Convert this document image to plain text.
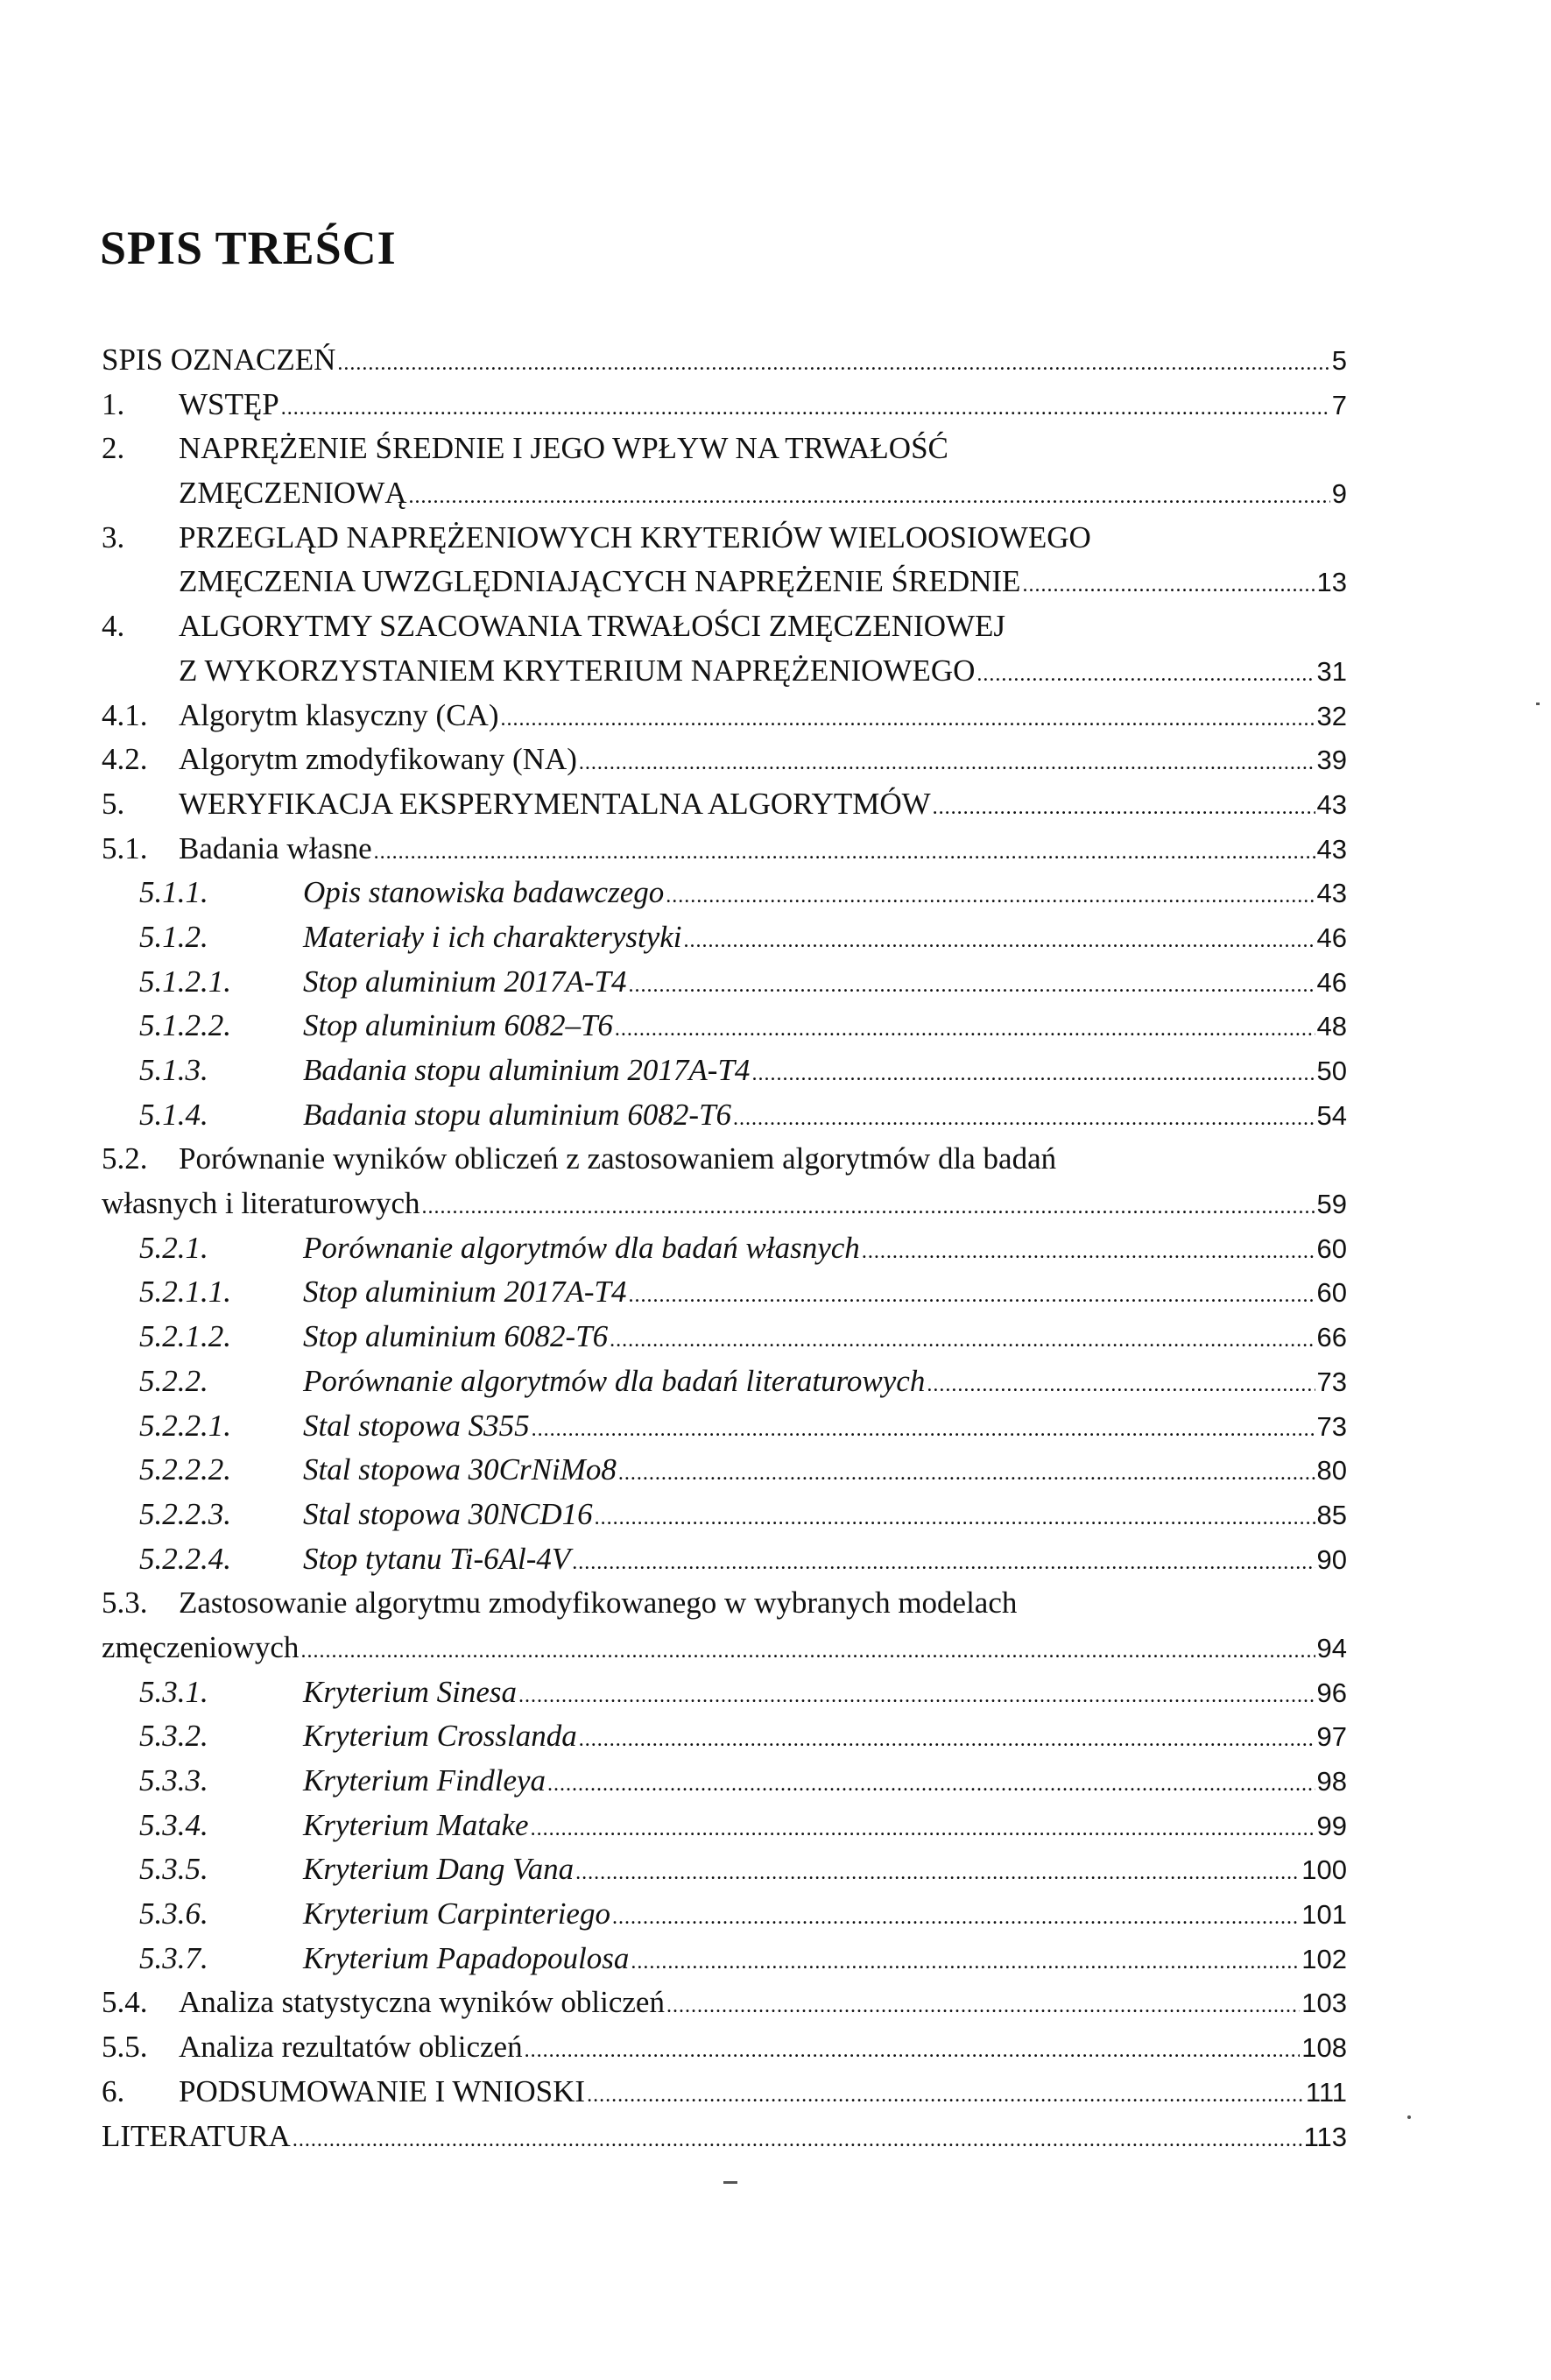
SPIS TREŚCI
SPIS OZNACZEŃ .....	5
1.	WSTĘP .....	7
2.	NAPRĘŻENIE ŚREDNIE I JEGO WPŁYW NA TRWAŁOŚĆ
ZMĘCZENIOWĄ .....	9
3.	PRZEGLĄD NAPRĘŻENIOWYCH KRYTERIÓW WIELOOSIOWEGO
ZMĘCZENIA UWZGLĘDNIAJĄCYCH NAPRĘŻENIE ŚREDNIE .....	13
4.	ALGORYTMY SZACOWANIA TRWAŁOŚCI ZMĘCZENIOWEJ
Z WYKORZYSTANIEM KRYTERIUM NAPRĘŻENIOWEGO .....	31
4.1.	Algorytm klasyczny (CA) .....	32
4.2.	Algorytm zmodyfikowany (NA) .....	39
5.	WERYFIKACJA EKSPERYMENTALNA ALGORYTMÓW .....	43
5.1.	Badania własne .....	43
5.1.1.	Opis stanowiska badawczego .....	43
5.1.2.	Materiały i ich charakterystyki .....	46
5.1.2.1.	Stop aluminium 2017A-T4 .....	46
5.1.2.2.	Stop aluminium 6082–T6 .....	48
5.1.3.	Badania stopu aluminium 2017A-T4 .....	50
5.1.4.	Badania stopu aluminium 6082-T6 .....	54
5.2.	Porównanie wyników obliczeń z zastosowaniem algorytmów dla badań
własnych i literaturowych .....	59
5.2.1.	Porównanie algorytmów dla badań własnych .....	60
5.2.1.1.	Stop aluminium 2017A-T4 .....	60
5.2.1.2.	Stop aluminium 6082-T6 .....	66
5.2.2.	Porównanie algorytmów dla badań literaturowych .....	73
5.2.2.1.	Stal stopowa S355 .....	73
5.2.2.2.	Stal stopowa 30CrNiMo8 .....	80
5.2.2.3.	Stal stopowa 30NCD16 .....	85
5.2.2.4.	Stop tytanu Ti-6Al-4V .....	90
5.3.	Zastosowanie algorytmu zmodyfikowanego w wybranych modelach
zmęczeniowych .....	94
5.3.1.	Kryterium Sinesa .....	96
5.3.2.	Kryterium Crosslanda .....	97
5.3.3.	Kryterium Findleya .....	98
5.3.4.	Kryterium Matake .....	99
5.3.5.	Kryterium Dang Vana .....	100
5.3.6.	Kryterium Carpinteriego .....	101
5.3.7.	Kryterium Papadopoulosa .....	102
5.4.	Analiza statystyczna wyników obliczeń .....	103
5.5.	Analiza rezultatów obliczeń .....	108
6.	PODSUMOWANIE I WNIOSKI .....	111
LITERATURA .....	113
